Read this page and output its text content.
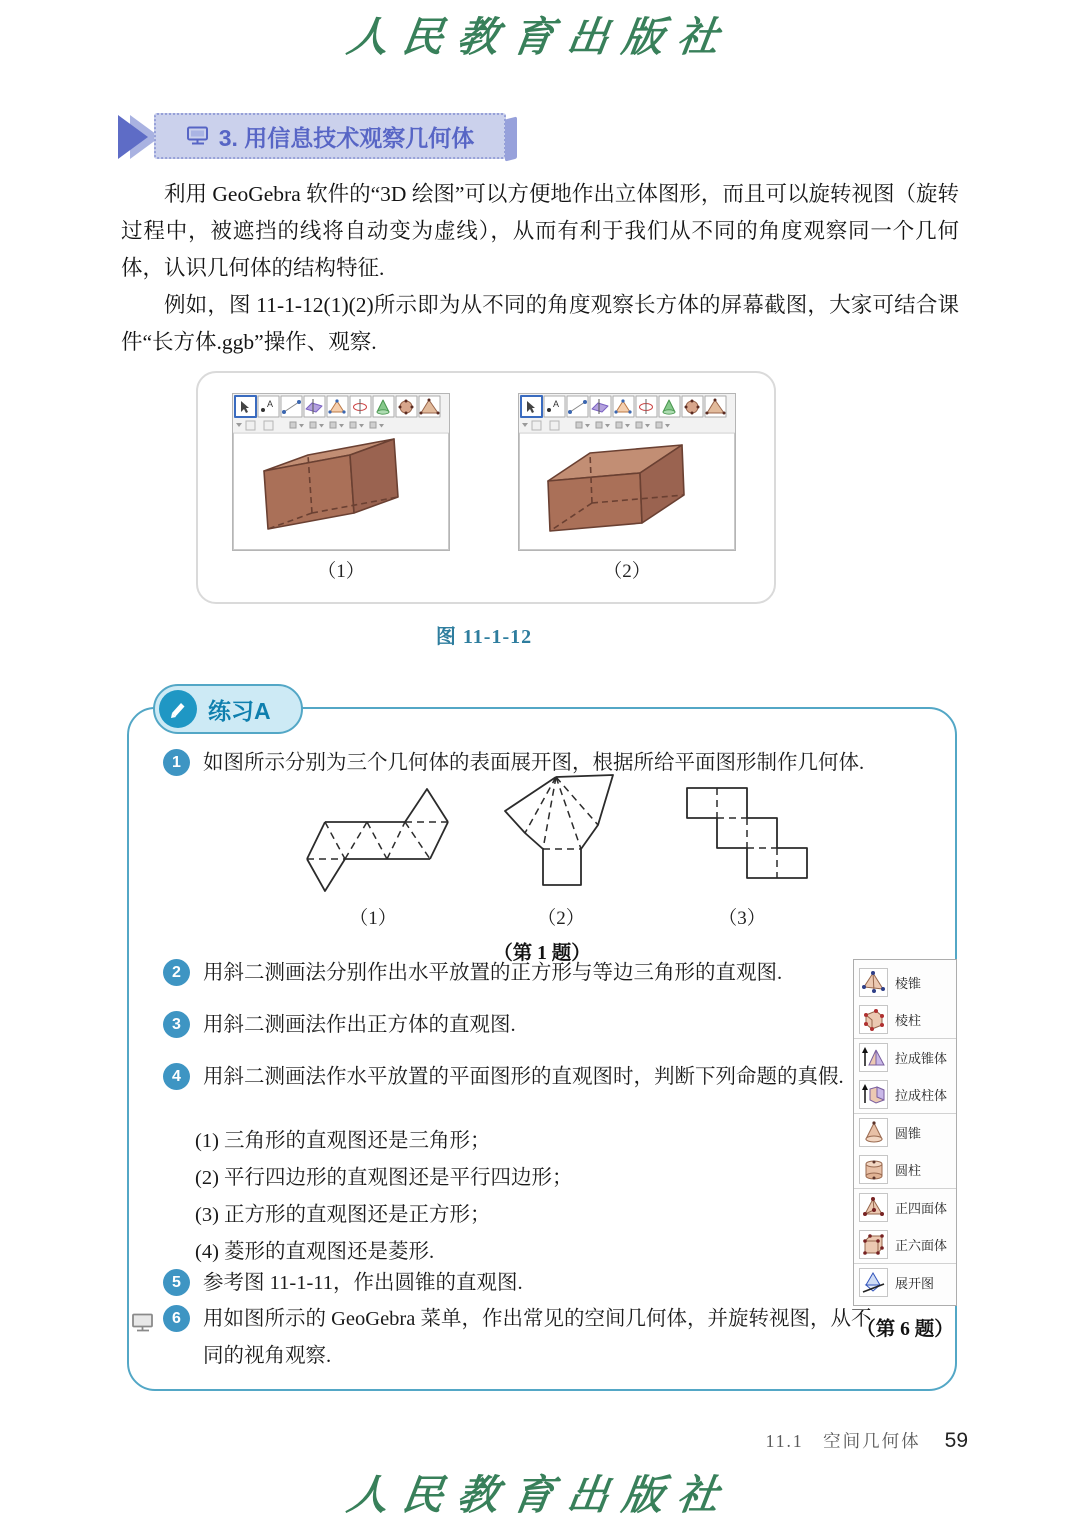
人民教育出版社
3. 用信息技术观察几何体

利用 GeoGebra 软件的“3D 绘图”可以方便地作出立体图形，而且可以旋转视图（旋转过程中，被遮挡的线将自动变为虚线），从而有利于我们从不同的角度观察同一个几何体，认识几何体的结构特征.

例如，图 11-1-12(1)(2)所示即为从不同的角度观察长方体的屏幕截图，大家可结合课件“长方体.ggb”操作、观察.

A	A
（1）	（2）
图 11-1-12
练习A
1	如图所示分别为三个几何体的表面展开图，根据所给平面图形制作几何体.
（1）	（2）	（3）
（第 1 题）
2	用斜二测画法分别作出水平放置的正方形与等边三角形的直观图.
3	用斜二测画法作出正方体的直观图.
4	用斜二测画法作水平放置的平面图形的直观图时，判断下列命题的真假.
(1) 三角形的直观图还是三角形；
(2) 平行四边形的直观图还是平行四边形；
(3) 正方形的直观图还是正方形；
(4) 菱形的直观图还是菱形.
5	参考图 11-1-11，作出圆锥的直观图.
6	用如图所示的 GeoGebra 菜单，作出常见的空间几何体，并旋转视图，从不同的视角观察.
棱锥
棱柱
拉成锥体
拉成柱体
圆锥
圆柱
正四面体
正六面体
展开图
（第 6 题）
11.1　空间几何体 59
人民教育出版社
